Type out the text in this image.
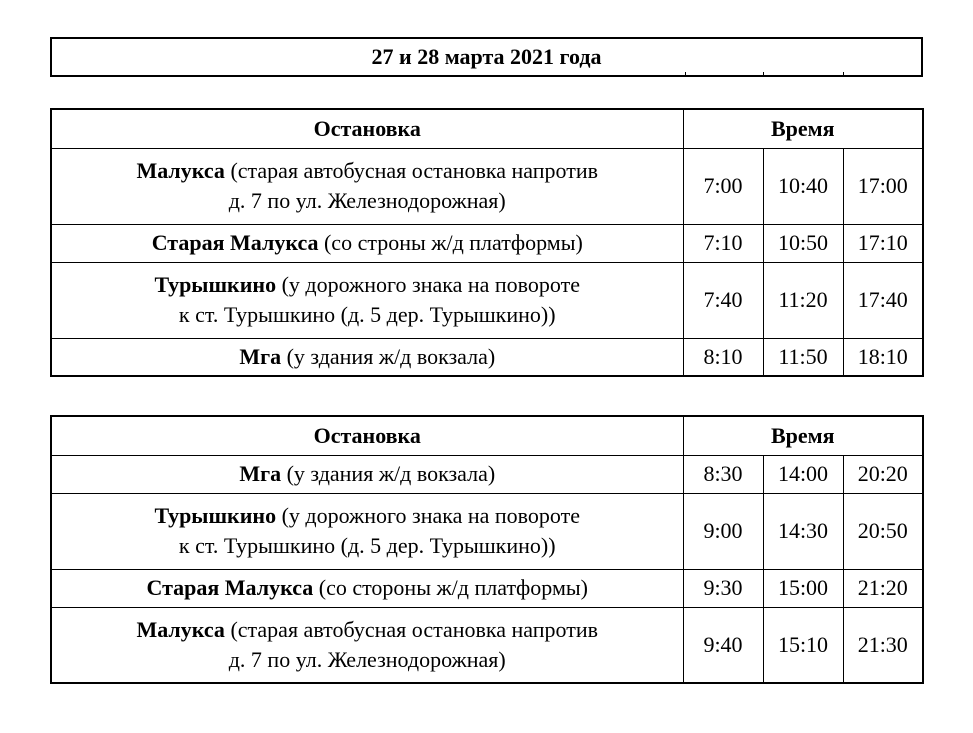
27 и 28 марта 2021 года
Остановка	Время		
Малукса (старая автобусная остановка напротив
д. 7 по ул. Железнодорожная)	7:00	10:40	17:00
Старая Малукса (со строны ж/д платформы)	7:10	10:50	17:10
Турышкино (у дорожного знака на повороте
к ст. Турышкино (д. 5 дер. Турышкино))	7:40	11:20	17:40
Мга (у здания ж/д вокзала)	8:10	11:50	18:10
Остановка	Время		
Мга (у здания ж/д вокзала)	8:30	14:00	20:20
Турышкино (у дорожного знака на повороте
к ст. Турышкино (д. 5 дер. Турышкино))	9:00	14:30	20:50
Старая Малукса (со стороны ж/д платформы)	9:30	15:00	21:20
Малукса (старая автобусная остановка напротив
д. 7 по ул. Железнодорожная)	9:40	15:10	21:30
